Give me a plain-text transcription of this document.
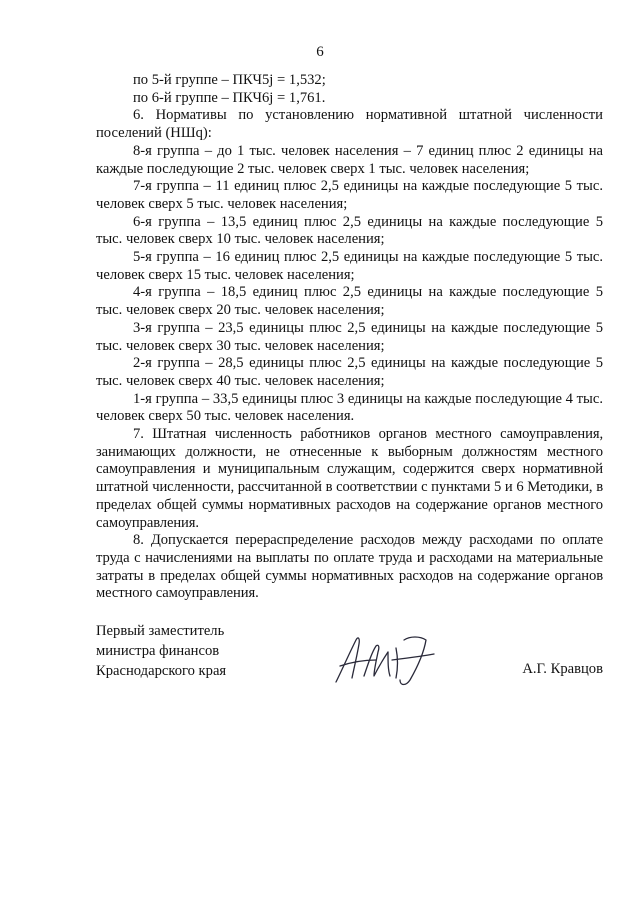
6

по 5-й группе – ПКЧ5j = 1,532;

по 6-й группе – ПКЧ6j = 1,761.

6. Нормативы по установлению нормативной штатной численности поселений (НШq):

8-я группа – до 1 тыс. человек населения – 7 единиц плюс 2 единицы на каждые последующие 2 тыс. человек сверх 1 тыс. человек населения;

7-я группа – 11 единиц плюс 2,5 единицы на каждые последующие 5 тыс. человек сверх 5 тыс. человек населения;

6-я группа – 13,5 единиц плюс 2,5 единицы на каждые последующие 5 тыс. человек сверх 10 тыс. человек населения;

5-я группа – 16 единиц плюс 2,5 единицы на каждые последующие 5 тыс. человек сверх 15 тыс. человек населения;

4-я группа – 18,5 единиц плюс 2,5 единицы на каждые последующие 5 тыс. человек сверх 20 тыс. человек населения;

3-я группа – 23,5 единицы плюс 2,5 единицы на каждые последующие 5 тыс. человек сверх 30 тыс. человек населения;

2-я группа – 28,5 единицы плюс 2,5 единицы на каждые последующие 5 тыс. человек сверх 40 тыс. человек населения;

1-я группа – 33,5 единицы плюс 3 единицы на каждые последующие 4 тыс. человек сверх 50 тыс. человек населения.

7. Штатная численность работников органов местного самоуправления, занимающих должности, не отнесенные к выборным должностям местного самоуправления и муниципальным служащим, содержится сверх нормативной штатной численности, рассчитанной в соответствии с пунктами 5 и 6 Методики, в пределах общей суммы нормативных расходов на содержание органов местного самоуправления.

8. Допускается перераспределение расходов между расходами по оплате труда с начислениями на выплаты по оплате труда и расходами на материальные затраты в пределах общей суммы нормативных расходов на содержание органов местного самоуправления.

Первый заместитель
министра финансов
Краснодарского края	А.Г. Кравцов
